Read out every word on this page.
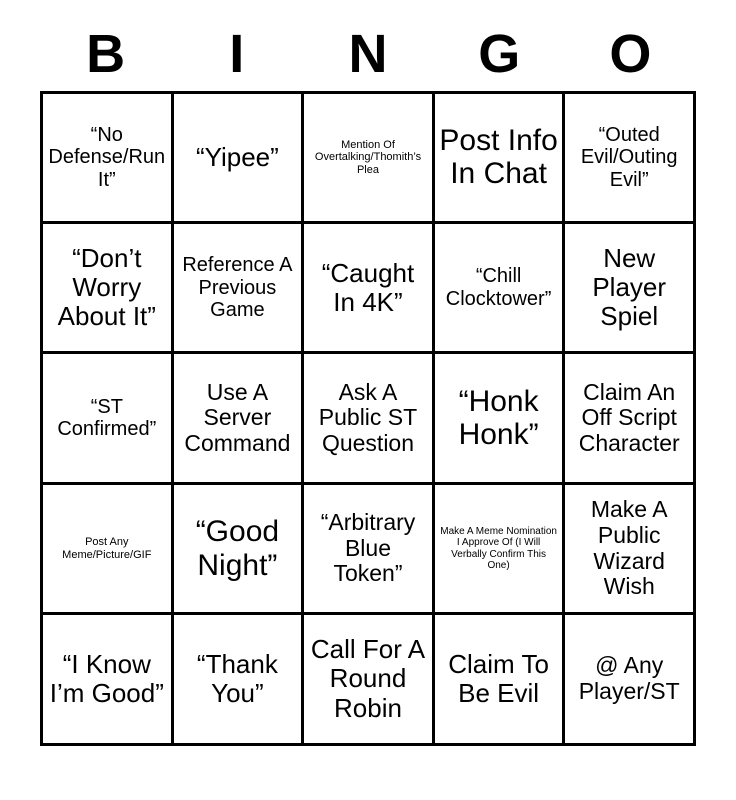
B I N G O
“No Defense/Run It”
“Yipee”	Mention Of Overtalking/Thomith’s Plea
Post Info In Chat
“Outed Evil/Outing Evil”
“Don’t Worry About It”
Reference A Previous Game
“Caught In 4K”
“Chill Clocktower”
New Player Spiel
“ST Confirmed”
Use A Server Command
Ask A Public ST Question
“Honk Honk”
Claim An Off Script Character
Post Any Meme/Picture/GIF
“Good Night”
“Arbitrary Blue Token”
Make A Meme Nomination I Approve Of (I Will Verbally Confirm This One)
Make A Public Wizard Wish
“I Know I’m Good”
“Thank You”
Call For A Round Robin
Claim To Be Evil
@ Any Player/ST
